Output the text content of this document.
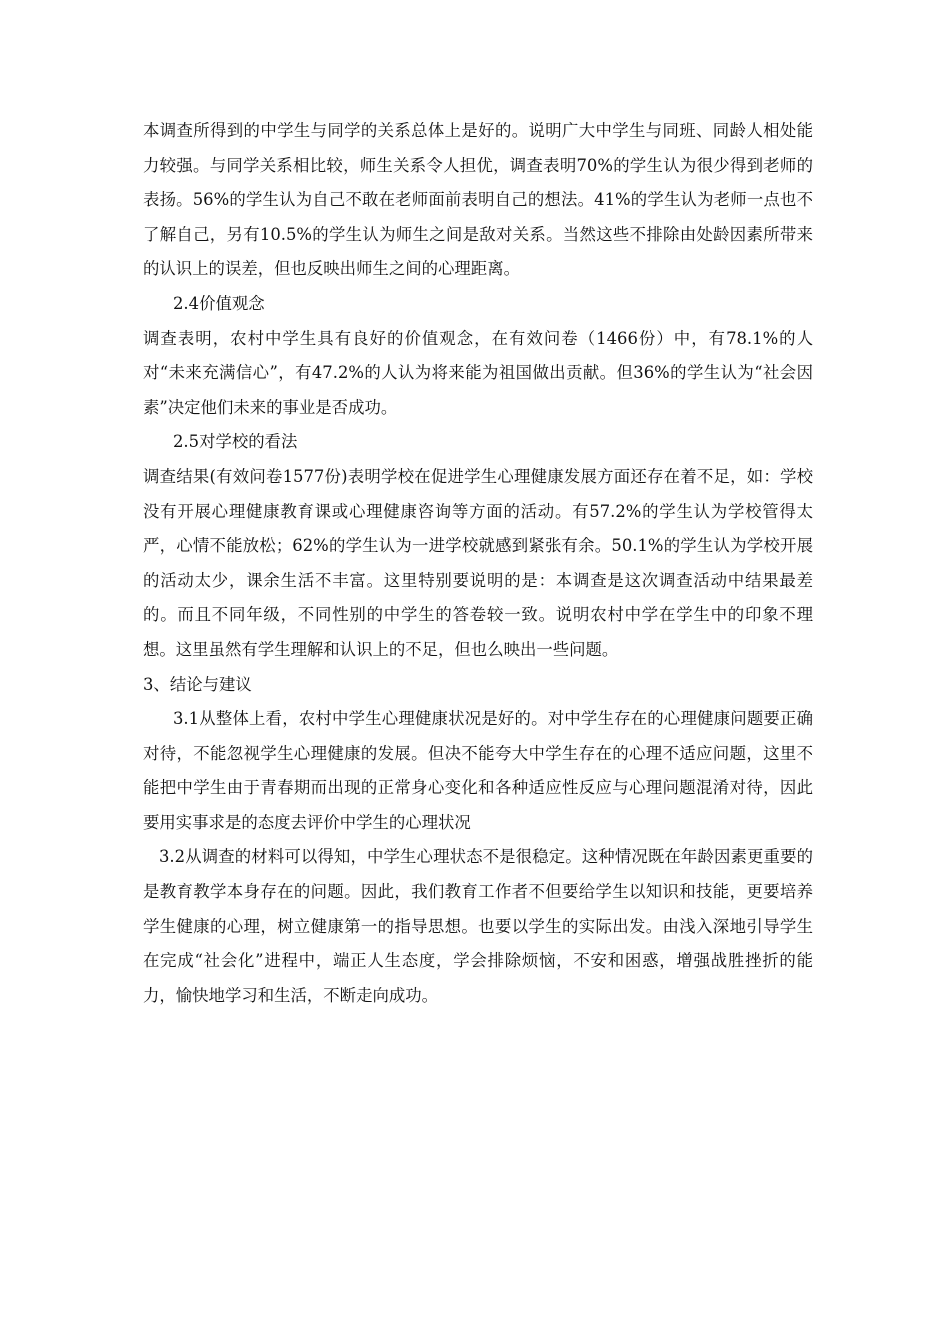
本调查所得到的中学生与同学的关系总体上是好的。说明广大中学生与同班、同龄人相处能力较强。与同学关系相比较，师生关系令人担优，调查表明70%的学生认为很少得到老师的表扬。56%的学生认为自己不敢在老师面前表明自己的想法。41%的学生认为老师一点也不了解自己，另有10.5%的学生认为师生之间是敌对关系。当然这些不排除由处龄因素所带来的认识上的误差，但也反映出师生之间的心理距离。

2.4价值观念

调查表明，农村中学生具有良好的价值观念，在有效问卷（1466份）中，有78.1%的人对“未来充满信心”，有47.2%的人认为将来能为祖国做出贡献。但36%的学生认为“社会因素”决定他们未来的事业是否成功。

2.5对学校的看法

调查结果(有效问卷1577份)表明学校在促进学生心理健康发展方面还存在着不足，如：学校没有开展心理健康教育课或心理健康咨询等方面的活动。有57.2%的学生认为学校管得太严，心情不能放松；62%的学生认为一进学校就感到紧张有余。50.1%的学生认为学校开展的活动太少，课余生活不丰富。这里特别要说明的是：本调查是这次调查活动中结果最差的。而且不同年级，不同性别的中学生的答卷较一致。说明农村中学在学生中的印象不理想。这里虽然有学生理解和认识上的不足，但也么映出一些问题。

3、结论与建议

3.1从整体上看，农村中学生心理健康状况是好的。对中学生存在的心理健康问题要正确对待，不能忽视学生心理健康的发展。但决不能夸大中学生存在的心理不适应问题，这里不能把中学生由于青春期而出现的正常身心变化和各种适应性反应与心理问题混淆对待，因此要用实事求是的态度去评价中学生的心理状况

3.2从调查的材料可以得知，中学生心理状态不是很稳定。这种情况既在年龄因素更重要的是教育教学本身存在的问题。因此，我们教育工作者不但要给学生以知识和技能，更要培养学生健康的心理，树立健康第一的指导思想。也要以学生的实际出发。由浅入深地引导学生在完成“社会化”进程中，端正人生态度，学会排除烦恼，不安和困惑，增强战胜挫折的能力，愉快地学习和生活，不断走向成功。
